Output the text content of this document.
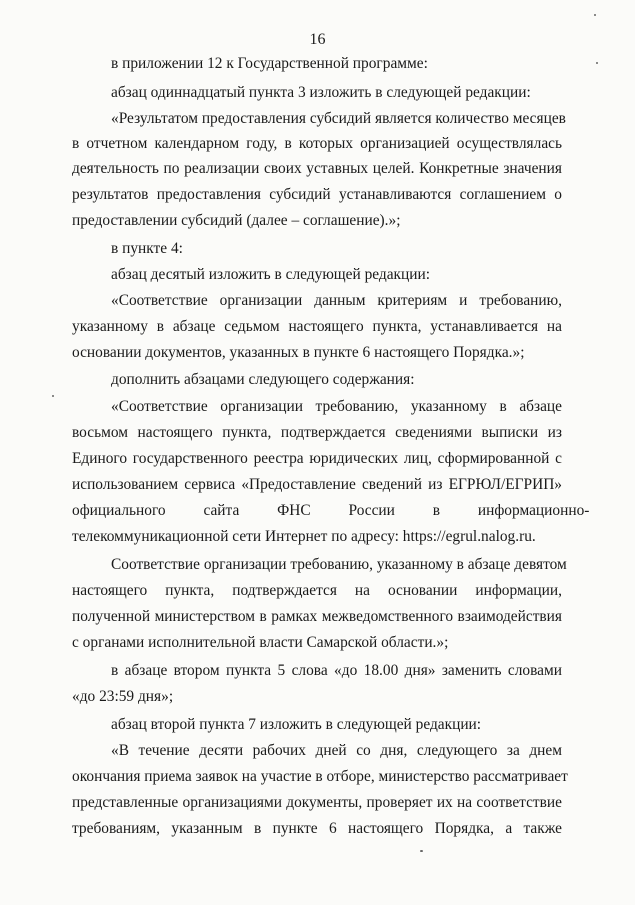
16
в приложении 12 к Государственной программе:
абзац одиннадцатый пункта 3 изложить в следующей редакции:
«Результатом предоставления субсидий является количество месяцев
в отчетном календарном году, в которых организацией осуществлялась
деятельность по реализации своих уставных целей. Конкретные значения
результатов предоставления субсидий устанавливаются соглашением о
предоставлении субсидий (далее – соглашение).»;
в пункте 4:
абзац десятый изложить в следующей редакции:
«Соответствие организации данным критериям и требованию,
указанному в абзаце седьмом настоящего пункта, устанавливается на
основании документов, указанных в пункте 6 настоящего Порядка.»;
дополнить абзацами следующего содержания:
«Соответствие организации требованию, указанному в абзаце
восьмом настоящего пункта, подтверждается сведениями выписки из
Единого государственного реестра юридических лиц, сформированной с
использованием сервиса «Предоставление сведений из ЕГРЮЛ/ЕГРИП»
официального сайта ФНС России в информационно-
телекоммуникационной сети Интернет по адресу: https://egrul.nalog.ru.
Соответствие организации требованию, указанному в абзаце девятом
настоящего пункта, подтверждается на основании информации,
полученной министерством в рамках межведомственного взаимодействия
с органами исполнительной власти Самарской области.»;
в абзаце втором пункта 5 слова «до 18.00 дня» заменить словами
«до 23:59 дня»;
абзац второй пункта 7 изложить в следующей редакции:
«В течение десяти рабочих дней со дня, следующего за днем
окончания приема заявок на участие в отборе, министерство рассматривает
представленные организациями документы, проверяет их на соответствие
требованиям, указанным в пункте 6 настоящего Порядка, а также
